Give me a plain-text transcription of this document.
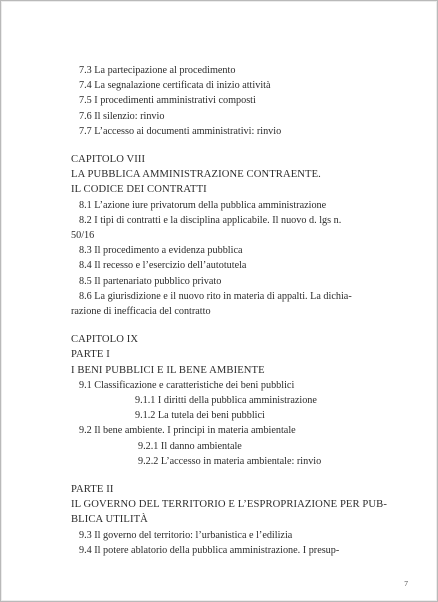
7.3 La partecipazione al procedimento
7.4 La segnalazione certificata di inizio attività
7.5 I procedimenti amministrativi composti
7.6 Il silenzio: rinvio
7.7 L’accesso ai documenti amministrativi: rinvio
CAPITOLO VIII
LA PUBBLICA AMMINISTRAZIONE CONTRAENTE.
IL CODICE DEI CONTRATTI
8.1 L’azione iure privatorum della pubblica amministrazione
8.2 I tipi di contratti e la disciplina applicabile. Il nuovo d. lgs n.
50/16
8.3 Il procedimento a evidenza pubblica
8.4 Il recesso e l’esercizio dell’autotutela
8.5 Il partenariato pubblico privato
8.6 La giurisdizione e il nuovo rito in materia di appalti. La dichia-
razione di inefficacia del contratto
CAPITOLO IX
PARTE I
I BENI PUBBLICI E IL BENE AMBIENTE
9.1 Classificazione e caratteristiche dei beni pubblici
9.1.1 I diritti della pubblica amministrazione
9.1.2 La tutela dei beni pubblici
9.2 Il bene ambiente. I principi in materia ambientale
9.2.1 Il danno ambientale
9.2.2 L’accesso in materia ambientale: rinvio
PARTE II
IL GOVERNO DEL TERRITORIO E L’ESPROPRIAZIONE PER PUB-
BLICA UTILITÀ
9.3 Il governo del territorio: l’urbanistica e l’edilizia
9.4 Il potere ablatorio della pubblica amministrazione. I presup-
7
